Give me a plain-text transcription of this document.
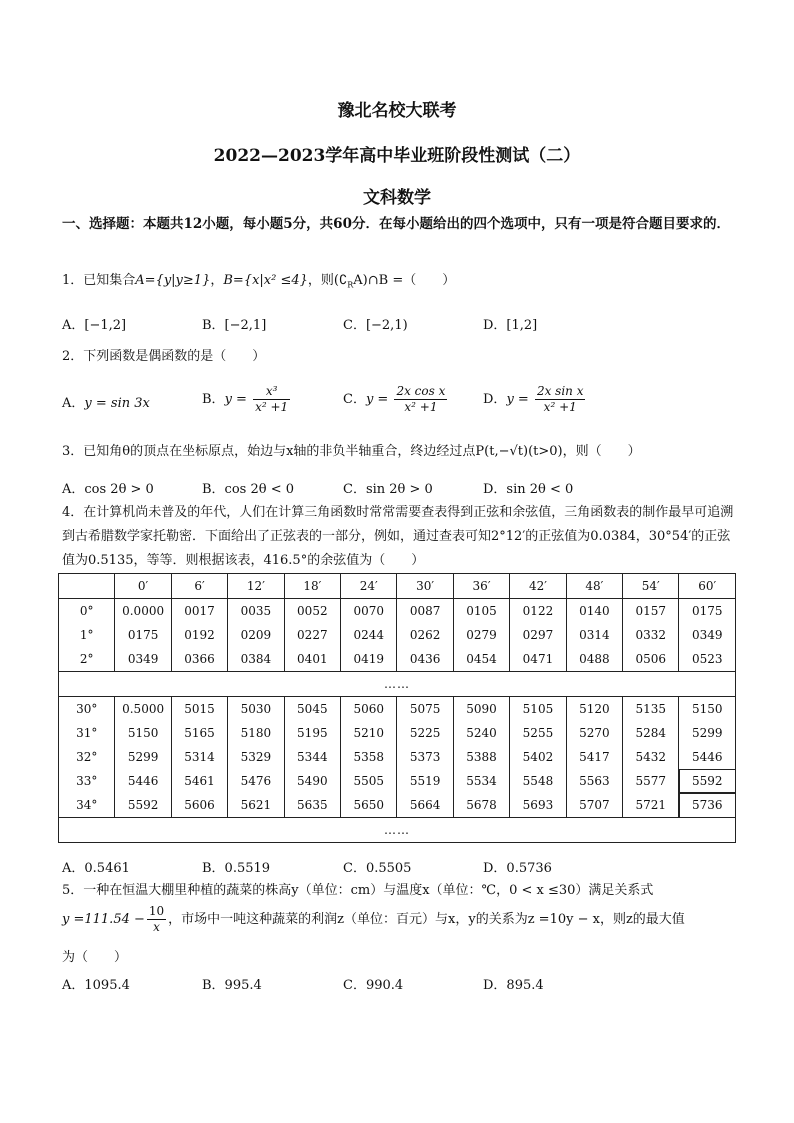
豫北名校大联考
2022—2023学年高中毕业班阶段性测试（二）
文科数学
一、选择题：本题共12小题，每小题5分，共60分．在每小题给出的四个选项中，只有一项是符合题目要求的．
1．已知集合A={y|y≥1}，B={x|x² ≤4}，则$(∁_RA)\cap B$ =（　　）
A．[−1,2]	B．[−2,1]	C．[−2,1)	D．[1,2]
2．下列函数是偶函数的是（　　）
A．y = sin 3x	B．$y = \frac{\text{x³}}{\text{x² +1}}$	C．$y = \frac{\text{2x cos x}}{\text{x² +1}}$	D．$y = \frac{\text{2x sin x}}{\text{x² +1}}$
3．已知角θ的顶点在坐标原点，始边与x轴的非负半轴重合，终边经过点P(t,−√t)(t>0)，则（　　）
A．cos 2θ > 0	B．cos 2θ < 0	C．sin 2θ > 0	D．sin 2θ < 0
4．在计算机尚未普及的年代，人们在计算三角函数时常常需要查表得到正弦和余弦值，三角函数表的制作最早可追溯到古希腊数学家托勒密．下面给出了正弦表的一部分，例如，通过查表可知2°12′的正弦值为0.0384，30°54′的正弦值为0.5135，等等．则根据该表，416.5°的余弦值为（　　）
	0′	6′	12′	18′	24′	30′	36′	42′	48′	54′	60′
0°	0.0000	0017	0035	0052	0070	0087	0105	0122	0140	0157	0175
1°	0175	0192	0209	0227	0244	0262	0279	0297	0314	0332	0349
2°	0349	0366	0384	0401	0419	0436	0454	0471	0488	0506	0523
……											
30°	0.5000	5015	5030	5045	5060	5075	5090	5105	5120	5135	5150
31°	5150	5165	5180	5195	5210	5225	5240	5255	5270	5284	5299
32°	5299	5314	5329	5344	5358	5373	5388	5402	5417	5432	5446
33°	5446	5461	5476	5490	5505	5519	5534	5548	5563	5577	5592
34°	5592	5606	5621	5635	5650	5664	5678	5693	5707	5721	5736
……											
A．0.5461	B．0.5519	C．0.5505	D．0.5736
5．一种在恒温大棚里种植的蔬菜的株高y（单位：cm）与温度x（单位：℃，0 < x ≤30）满足关系式
$y =111.54 - \frac{10}{x}$ ，市场中一吨这种蔬菜的利润z（单位：百元）与x，y的关系为z =10y − x，则z的最大值
为（　　）
A．1095.4	B．995.4	C．990.4	D．895.4
